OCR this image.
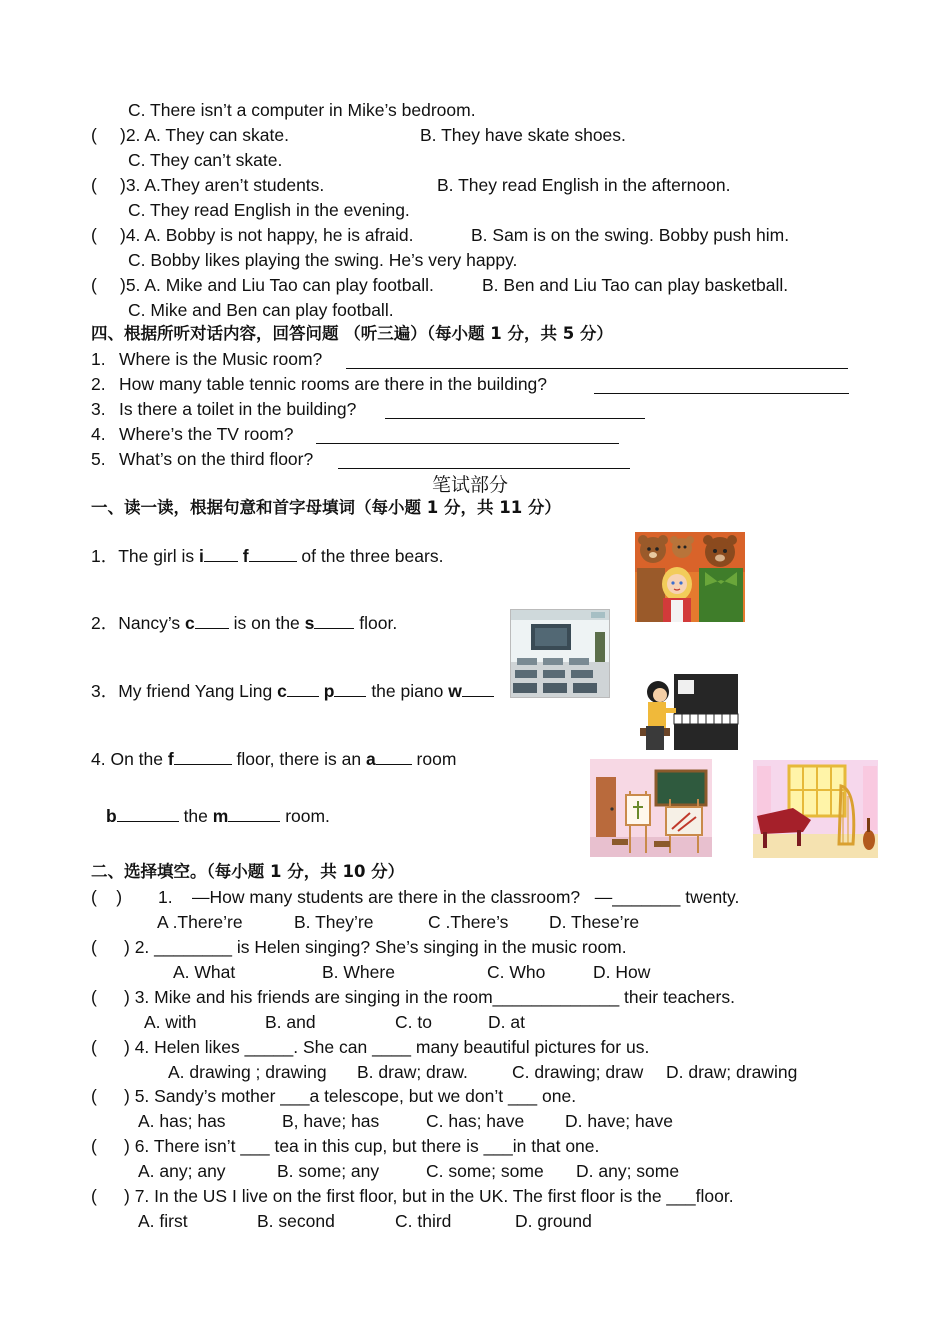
C. There isn’t a computer in Mike’s bedroom.
( )2. A. They can skate.	B. They have skate shoes.
C. They can’t skate.
( )3. A.They aren’t students.	B. They read English in the afternoon.
C. They read English in the evening.
( )4. A. Bobby is not happy, he is afraid.	B. Sam is on the swing. Bobby push him.
C. Bobby likes playing the swing. He’s very happy.
( )5. A. Mike and Liu Tao can play football.	B. Ben and Liu Tao can play basketball.
C. Mike and Ben can play football.
四、根据所听对话内容，回答问题 （听三遍）（每小题 1 分，共 5 分）
1. Where is the Music room?
2. How many table tennic rooms are there in the building?
3. Is there a toilet in the building?
4. Where’s the TV room?
5. What’s on the third floor?
笔试部分
一、读一读，根据句意和首字母填词（每小题 1 分，共 11 分）
1．The girl is i f	of the three bears.
2．Nancy’s c is on the s floor.
3．My friend Yang Ling c p the piano w
4. On the f	floor, there is an a room
b	the m	room.
二、选择填空。（每小题 1 分，共 10 分）
(    ) 1.    —How many students are there in the classroom?   —_______ twenty.
A .There’re	B. They’re	C .There’s D. These’re
( ) 2. ________ is Helen singing? She’s singing in the music room.
A. What	B. Where	C. Who	D. How
( ) 3. Mike and his friends are singing in the room_____________ their teachers.
A. with	B. and	C. to	D. at
( ) 4. Helen likes _____. She can ____ many beautiful pictures for us.
A. drawing ; drawing B. draw; draw.	C. drawing; draw D. draw; drawing
( ) 5. Sandy’s mother ___a telescope, but we don’t ___ one.
A. has; has	B, have; has	C. has; have D. have; have
( ) 6. There isn’t ___ tea in this cup, but there is ___in that one.
A. any; any	B. some; any	C. some; some D. any; some
( ) 7. In the US I live on the first floor, but in the UK. The first floor is the ___floor.
A. first	B. second	C. third	D. ground
